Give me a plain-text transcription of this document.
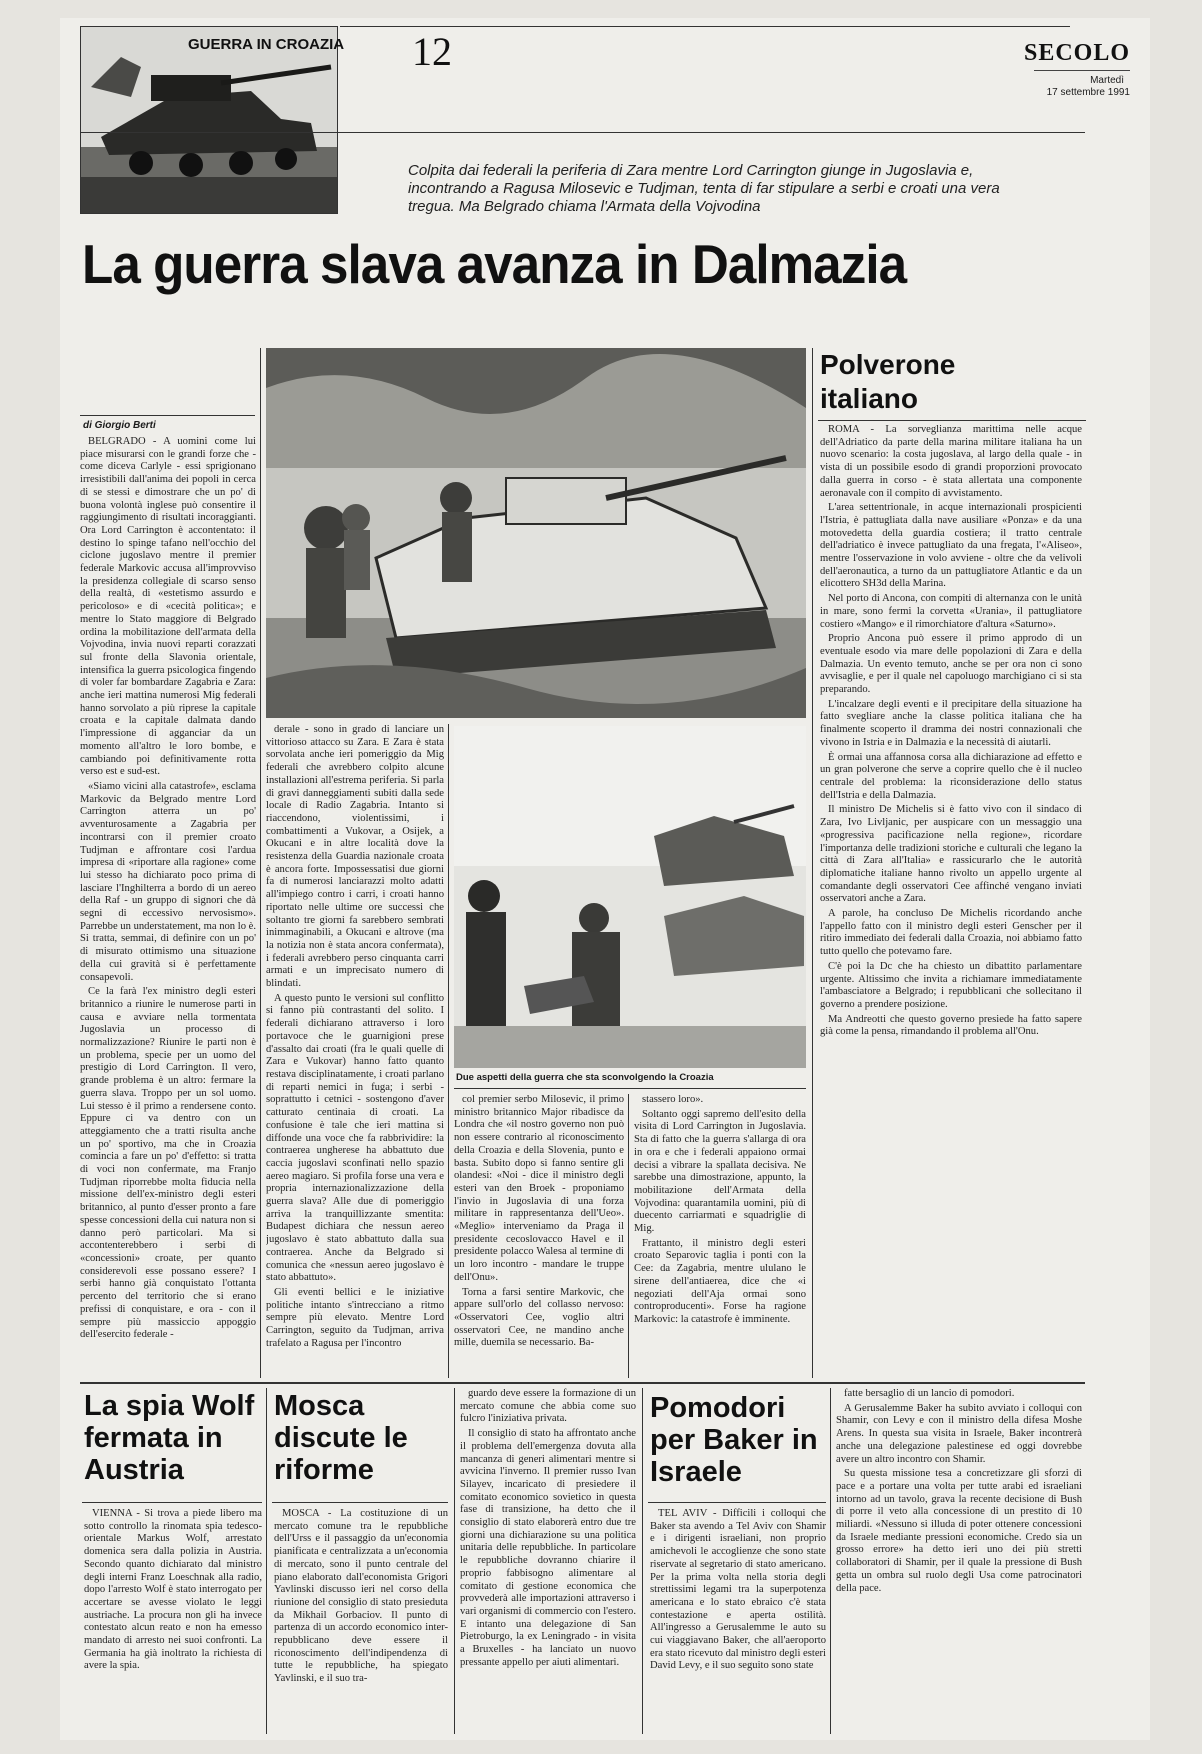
GUERRA IN CROAZIA 12	SECOLO
Martedì
17 settembre 1991
Colpita dai federali la periferia di Zara mentre Lord Carrington giunge in Jugoslavia e, incontrando a Ragusa Milosevic e Tudjman, tenta di far stipulare a serbi e croati una vera tregua. Ma Belgrado chiama l'Armata della Vojvodina
La guerra slava avanza in Dalmazia
di Giorgio Berti

BELGRADO - A uomini come lui piace misurarsi con le grandi forze che - come diceva Carlyle - essi sprigionano irresistibili dall'anima dei popoli in cerca di se stessi e dimostrare che un po' di buona volontà inglese può consentire il raggiungimento di risultati incoraggianti. Ora Lord Carrington è accontentato: il destino lo spinge tafano nell'occhio del ciclone jugoslavo mentre il premier federale Markovic accusa all'improvviso la presidenza collegiale di scarso senso della realtà, di «estetismo assurdo e pericoloso» e di «cecità politica»; e mentre lo Stato maggiore di Belgrado ordina la mobilitazione dell'armata della Vojvodina, invia nuovi reparti corazzati sul fronte della Slavonia orientale, intensifica la guerra psicologica fingendo di voler far bombardare Zagabria e Zara: anche ieri mattina numerosi Mig federali hanno sorvolato a più riprese la capitale croata e la capitale dalmata dando l'impressione di agganciar da un momento all'altro le loro bombe, e cambiando poi definitivamente rotta verso est e sud-est.

«Siamo vicini alla catastrofe», esclama Markovic da Belgrado mentre Lord Carrington atterra un po' avventurosamente a Zagabria per incontrarsi con il premier croato Tudjman e affrontare così l'ardua impresa di «riportare alla ragione» come lui stesso ha dichiarato poco prima di lasciare l'Inghilterra a bordo di un aereo della Raf - un gruppo di signori che dà segni di eccessivo nervosismo». Parrebbe un understatement, ma non lo è. Si tratta, semmai, di definire con un po' di misurato ottimismo una situazione della cui gravità si è perfettamente consapevoli.

Ce la farà l'ex ministro degli esteri britannico a riunire le numerose parti in causa e avviare nella tormentata Jugoslavia un processo di normalizzazione? Riunire le parti non è un problema, specie per un uomo del prestigio di Lord Carrington. Il vero, grande problema è un altro: fermare la guerra slava. Troppo per un sol uomo. Lui stesso è il primo a rendersene conto. Eppure ci va dentro con un atteggiamento che a tratti risulta anche un po' sportivo, ma che in Croazia comincia a fare un po' d'effetto: si tratta di voci non confermate, ma Franjo Tudjman riporrebbe molta fiducia nella missione dell'ex-ministro degli esteri britannico, al punto d'esser pronto a fare spesse concessioni della cui natura non si danno però particolari. Ma si accontenterebbero i serbi di «concessioni» croate, per quanto considerevoli esse possano essere? I serbi hanno già conquistato l'ottanta percento del territorio che si erano prefissi di conquistare, e ora - con il sempre più massiccio appoggio dell'esercito federale -

derale - sono in grado di lanciare un vittorioso attacco su Zara. E Zara è stata sorvolata anche ieri pomeriggio da Mig federali che avrebbero colpito alcune installazioni all'estrema periferia. Si parla di gravi danneggiamenti subiti dalla sede locale di Radio Zagabria. Intanto si riaccendono, violentissimi, i combattimenti a Vukovar, a Osijek, a Okucani e in altre località dove la resistenza della Guardia nazionale croata è ancora forte. Impossessatisi due giorni fa di numerosi lanciarazzi molto adatti all'impiego contro i carri, i croati hanno riportato nelle ultime ore successi che soltanto tre giorni fa sarebbero sembrati inimmaginabili, a Okucani e altrove (ma la notizia non è stata ancora confermata), i federali avrebbero perso cinquanta carri armati e un imprecisato numero di blindati.

A questo punto le versioni sul conflitto si fanno più contrastanti del solito. I federali dichiarano attraverso i loro portavoce che le guarnigioni prese d'assalto dai croati (fra le quali quelle di Zara e Vukovar) hanno fatto quanto restava disciplinatamente, i croati parlano di reparti nemici in fuga; i serbi - soprattutto i cetnici - sostengono d'aver catturato centinaia di croati. La confusione è tale che ieri mattina si diffonde una voce che fa rabbrividire: la contraerea ungherese ha abbattuto due caccia jugoslavi sconfinati nello spazio aereo magiaro. Si profila forse una vera e propria internazionalizzazione della guerra slava? Alle due di pomeriggio arriva la tranquillizzante smentita: Budapest dichiara che nessun aereo jugoslavo è stato abbattuto dalla sua contraerea. Anche da Belgrado si comunica che «nessun aereo jugoslavo è stato abbattuto».

Gli eventi bellici e le iniziative politiche intanto s'intrecciano a ritmo sempre più elevato. Mentre Lord Carrington, seguito da Tudjman, arriva trafelato a Ragusa per l'incontro

Due aspetti della guerra che sta sconvolgendo la Croazia

col premier serbo Milosevic, il primo ministro britannico Major ribadisce da Londra che «il nostro governo non può non essere contrario al riconoscimento della Croazia e della Slovenia, punto e basta. Subito dopo si fanno sentire gli olandesi: «Noi - dice il ministro degli esteri van den Broek - proponiamo l'invio in Jugoslavia di una forza militare in rappresentanza dell'Ueo». «Meglio» interveniamo da Praga il presidente cecoslovacco Havel e il presidente polacco Walesa al termine di un loro incontro - mandare le truppe dell'Onu».

Torna a farsi sentire Markovic, che appare sull'orlo del collasso nervoso: «Osservatori Cee, voglio altri osservatori Cee, ne mandino anche mille, duemila se necessario. Ba-

stassero loro».

Soltanto oggi sapremo dell'esito della visita di Lord Carrington in Jugoslavia. Sta di fatto che la guerra s'allarga di ora in ora e che i federali appaiono ormai decisi a vibrare la spallata decisiva. Ne sarebbe una dimostrazione, appunto, la mobilitazione dell'Armata della Vojvodina: quarantamila uomini, più di duecento carriarmati e squadriglie di Mig.

Frattanto, il ministro degli esteri croato Separovic taglia i ponti con la Cee: da Zagabria, mentre ululano le sirene dell'antiaerea, dice che «i negoziati dell'Aja ormai sono controproducenti». Forse ha ragione Markovic: la catastrofe è imminente.

Polverone italiano

ROMA - La sorveglianza marittima nelle acque dell'Adriatico da parte della marina militare italiana ha un nuovo scenario: la costa jugoslava, al largo della quale - in vista di un possibile esodo di grandi proporzioni provocato dalla guerra in corso - è stata allertata una componente aeronavale con il compito di avvistamento.

L'area settentrionale, in acque internazionali prospicienti l'Istria, è pattugliata dalla nave ausiliare «Ponza» e da una motovedetta della guardia costiera; il tratto centrale dell'adriatico è invece pattugliato da una fregata, l'«Aliseo», mentre l'osservazione in volo avviene - oltre che da velivoli dell'aeronautica, a turno da un pattugliatore Atlantic e da un elicottero SH3d della Marina.

Nel porto di Ancona, con compiti di alternanza con le unità in mare, sono fermi la corvetta «Urania», il pattugliatore costiero «Mango» e il rimorchiatore d'altura «Saturno».

Proprio Ancona può essere il primo approdo di un eventuale esodo via mare delle popolazioni di Zara e della Dalmazia. Un evento temuto, anche se per ora non ci sono avvisaglie, e per il quale nel capoluogo marchigiano ci si sta preparando.

L'incalzare degli eventi e il precipitare della situazione ha fatto svegliare anche la classe politica italiana che ha finalmente scoperto il dramma dei nostri connazionali che vivono in Istria e in Dalmazia e la necessità di aiutarli.

È ormai una affannosa corsa alla dichiarazione ad effetto e un gran polverone che serve a coprire quello che è il nucleo centrale del problema: la riconsiderazione dello status dell'Istria e della Dalmazia.

Il ministro De Michelis si è fatto vivo con il sindaco di Zara, Ivo Livljanic, per auspicare con un messaggio una «progressiva pacificazione nella regione», ricordare l'importanza delle tradizioni storiche e culturali che legano la città di Zara all'Italia» e rassicurarlo che le autorità diplomatiche italiane hanno rivolto un appello urgente al comandante degli osservatori Cee affinché vengano inviati osservatori anche a Zara.

A parole, ha concluso De Michelis ricordando anche l'appello fatto con il ministro degli esteri Genscher per il ritiro immediato dei federali dalla Croazia, noi abbiamo fatto tutto quello che potevamo fare.

C'è poi la Dc che ha chiesto un dibattito parlamentare urgente. Altissimo che invita a richiamare immediatamente l'ambasciatore a Belgrado; i repubblicani che sollecitano il governo a prendere posizione.

Ma Andreotti che questo governo presiede ha fatto sapere già come la pensa, rimandando il problema all'Onu.

La spia Wolf fermata in Austria

VIENNA - Si trova a piede libero ma sotto controllo la rinomata spia tedesco-orientale Markus Wolf, arrestato domenica sera dalla polizia in Austria. Secondo quanto dichiarato dal ministro degli interni Franz Loeschnak alla radio, dopo l'arresto Wolf è stato interrogato per accertare se avesse violato le leggi austriache. La procura non gli ha invece contestato alcun reato e non ha emesso mandato di arresto nei suoi confronti. La Germania ha già inoltrato la richiesta di avere la spia.

Mosca discute le riforme

MOSCA - La costituzione di un mercato comune tra le repubbliche dell'Urss e il passaggio da un'economia pianificata e centralizzata a un'economia di mercato, sono il punto centrale del piano elaborato dall'economista Grigori Yavlinski discusso ieri nel corso della riunione del consiglio di stato presieduta da Mikhail Gorbaciov. Il punto di partenza di un accordo economico inter-repubblicano deve essere il riconoscimento dell'indipendenza di tutte le repubbliche, ha spiegato Yavlinski, e il suo tra-

guardo deve essere la formazione di un mercato comune che abbia come suo fulcro l'iniziativa privata.

Il consiglio di stato ha affrontato anche il problema dell'emergenza dovuta alla mancanza di generi alimentari mentre si avvicina l'inverno. Il premier russo Ivan Silayev, incaricato di presiedere il comitato economico sovietico in questa fase di transizione, ha detto che il consiglio di stato elaborerà entro due tre giorni una dichiarazione su una politica unitaria delle repubbliche. In particolare le repubbliche dovranno chiarire il proprio fabbisogno alimentare al comitato di gestione economica che provvederà alle importazioni attraverso i vari organismi di commercio con l'estero. E intanto una delegazione di San Pietroburgo, la ex Leningrado - in visita a Bruxelles - ha lanciato un nuovo pressante appello per aiuti alimentari.

Pomodori per Baker in Israele

TEL AVIV - Difficili i colloqui che Baker sta avendo a Tel Aviv con Shamir e i dirigenti israeliani, non proprio amichevoli le accoglienze che sono state riservate al segretario di stato americano. Per la prima volta nella storia degli strettissimi legami tra la superpotenza americana e lo stato ebraico c'è stata contestazione e aperta ostilità. All'ingresso a Gerusalemme le auto su cui viaggiavano Baker, che all'aeroporto era stato ricevuto dal ministro degli esteri David Levy, e il suo seguito sono state

fatte bersaglio di un lancio di pomodori.

A Gerusalemme Baker ha subito avviato i colloqui con Shamir, con Levy e con il ministro della difesa Moshe Arens. In questa sua visita in Israele, Baker incontrerà anche una delegazione palestinese ed oggi dovrebbe avere un altro incontro con Shamir.

Su questa missione tesa a concretizzare gli sforzi di pace e a portare una volta per tutte arabi ed israeliani intorno ad un tavolo, grava la recente decisione di Bush di porre il veto alla concessione di un prestito di 10 miliardi. «Nessuno si illuda di poter ottenere concessioni da Israele mediante pressioni economiche. Credo sia un grosso errore» ha detto ieri uno dei più stretti collaboratori di Shamir, per il quale la pressione di Bush getta un ombra sul ruolo degli Usa come patrocinatori della pace.
